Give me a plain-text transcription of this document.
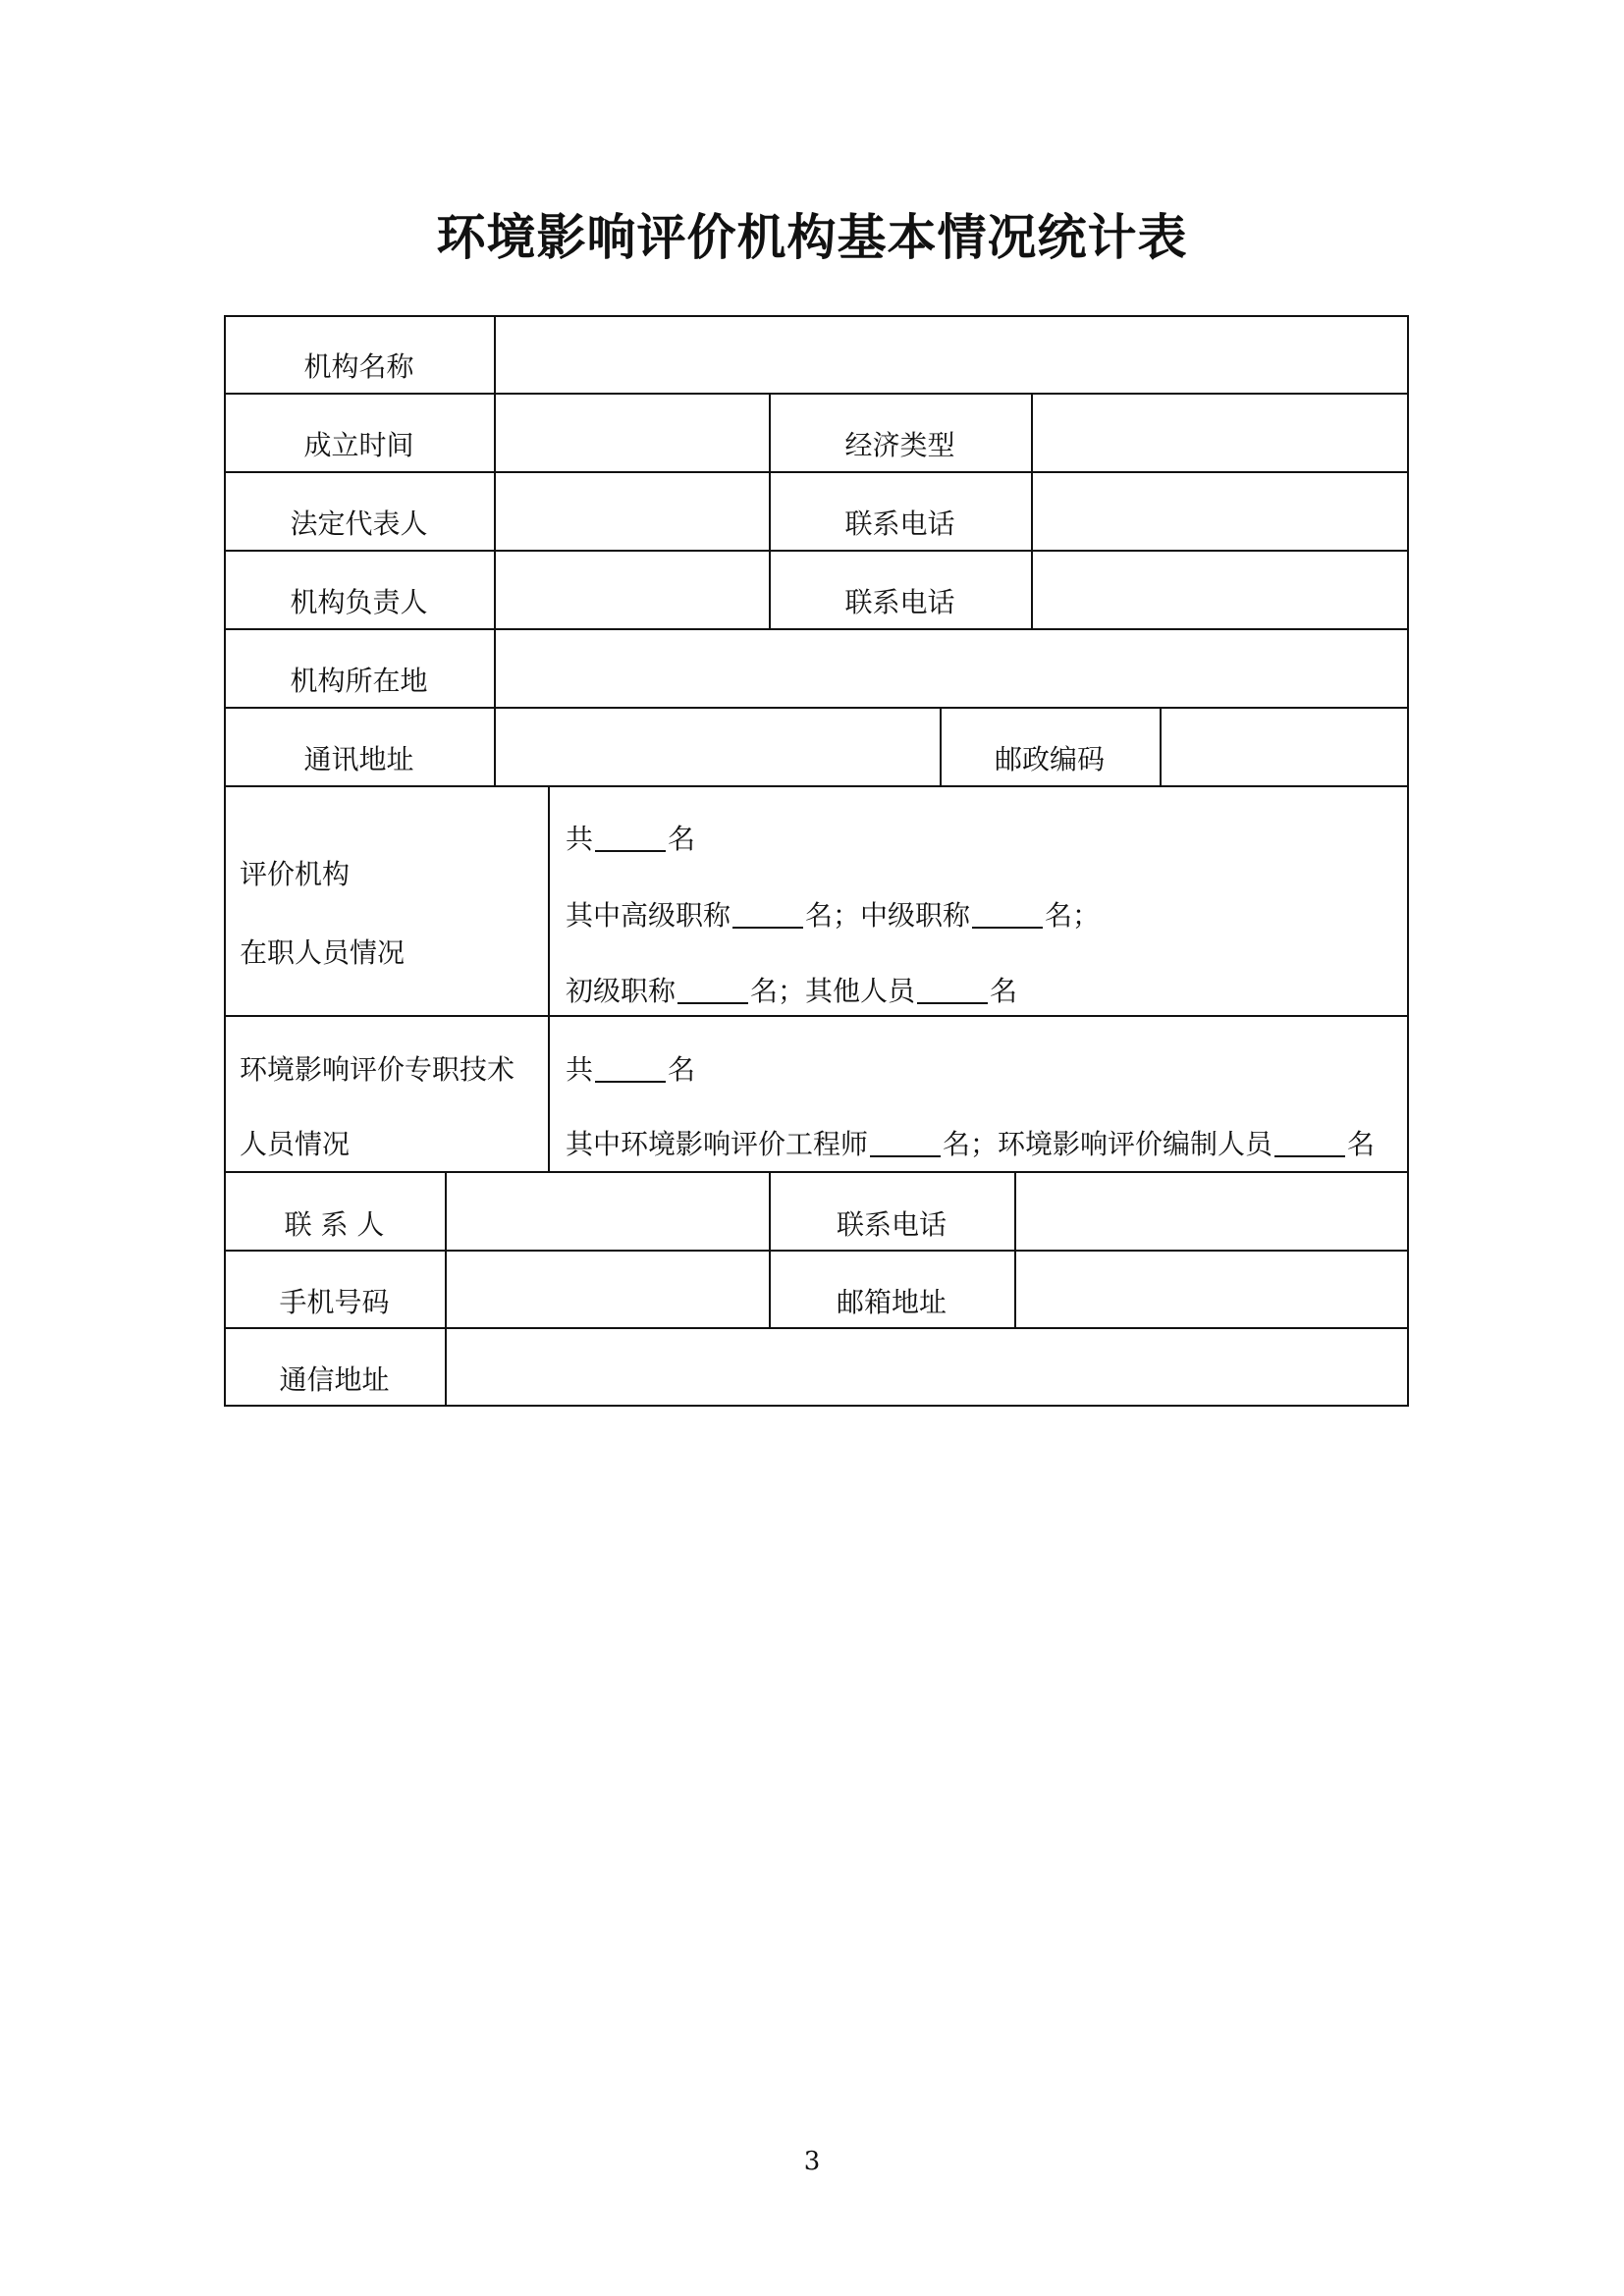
环境影响评价机构基本情况统计表
机构名称
成立时间	经济类型
法定代表人	联系电话
机构负责人	联系电话
机构所在地
通讯地址	邮政编码
评价机构
在职人员情况
共	名
其中高级职称	名；中级职称	名；
初级职称	名；其他人员	名
环境影响评价专职技术
人员情况
共	名
其中环境影响评价工程师	名；环境影响评价编制人员	名
联 系 人	联系电话
手机号码	邮箱地址
通信地址
3
